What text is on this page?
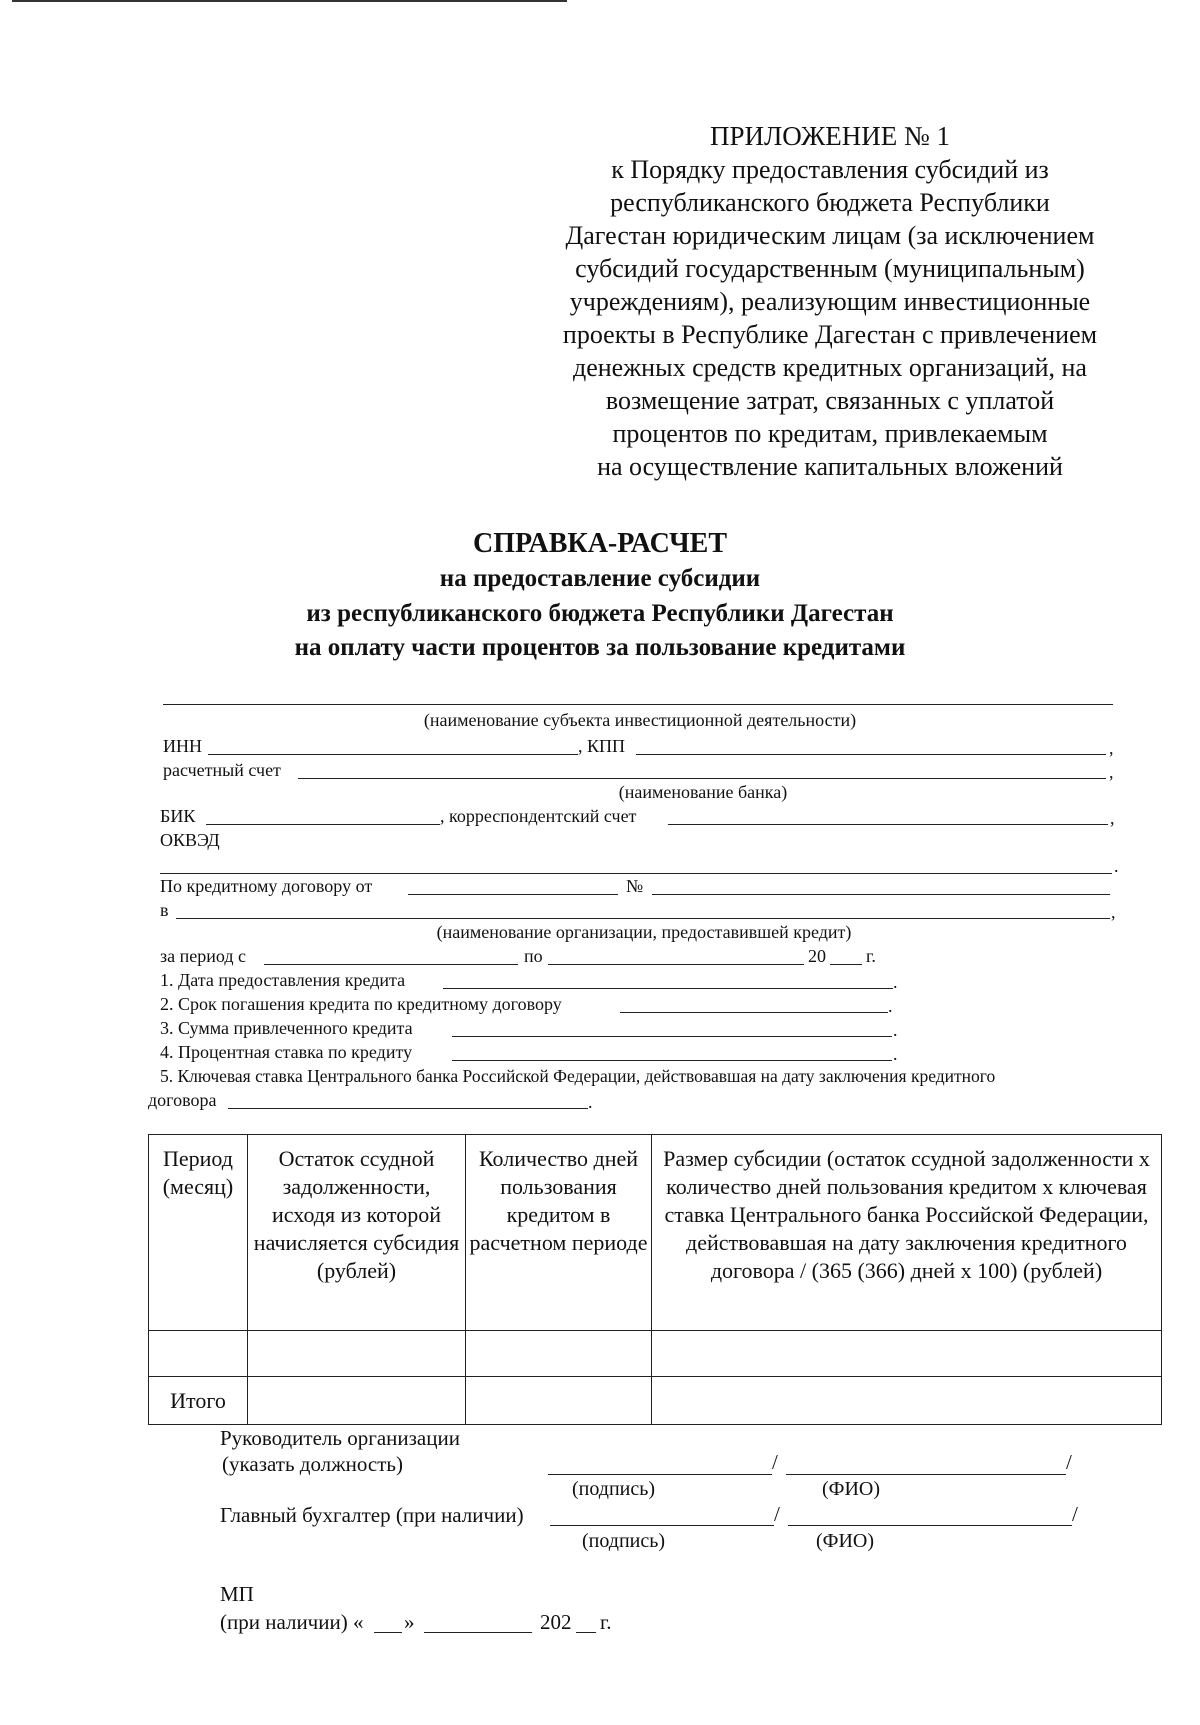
ПРИЛОЖЕНИЕ № 1
к Порядку предоставления субсидий из
республиканского бюджета Республики
Дагестан юридическим лицам (за исключением
субсидий государственным (муниципальным)
учреждениям), реализующим инвестиционные
проекты в Республике Дагестан с привлечением
денежных средств кредитных организаций, на
возмещение затрат, связанных с уплатой
процентов по кредитам, привлекаемым
на осуществление капитальных вложений
СПРАВКА-РАСЧЕТ
на предоставление субсидии
из республиканского бюджета Республики Дагестан
на оплату части процентов за пользование кредитами
(наименование субъекта инвестиционной деятельности)
ИНН	, КПП	,
расчетный счет	,
(наименование банка)
БИК	, корреспондентский счет	,
ОКВЭД
.
По кредитному договору от	№
в	,
(наименование организации, предоставившей кредит)
за период с	по	20 г.
1. Дата предоставления кредита	.
2. Срок погашения кредита по кредитному договору	.
3. Сумма привлеченного кредита	.
4. Процентная ставка по кредиту	.
5. Ключевая ставка Центрального банка Российской Федерации, действовавшая на дату заключения кредитного
договора	.
Период (месяц)	Остаток ссудной задолженности, исходя из которой начисляется субсидия (рублей)	Количество дней пользования кредитом в расчетном периоде	Размер субсидии (остаток ссудной задолженности x количество дней пользования кредитом x ключевая ставка Центрального банка Российской Федерации, действовавшая на дату заключения кредитного договора / (365 (366) дней x 100) (рублей)

Итого			
Руководитель организации
(указать должность)	/	/
(подпись)	(ФИО)
Главный бухгалтер (при наличии)	/	/
(подпись)	(ФИО)
МП
(при наличии) « »	202 г.
